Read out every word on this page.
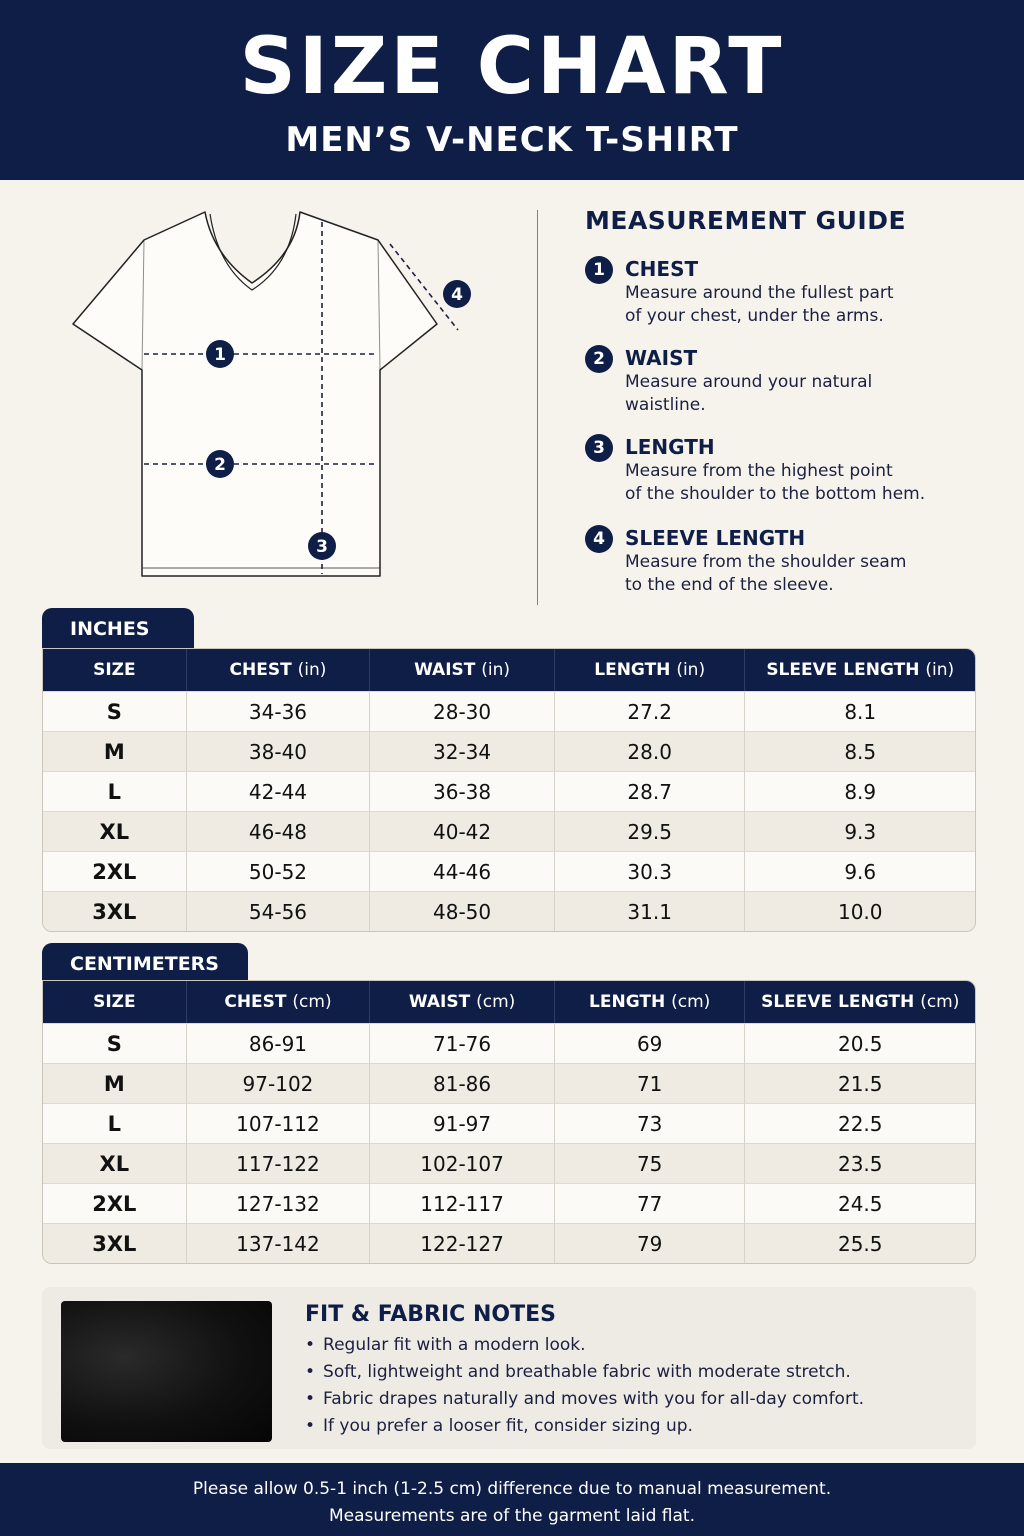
SIZE CHART
MEN’S V-NECK T-SHIRT
1
2
3
4
MEASUREMENT GUIDE
1	CHEST
Measure around the fullest part
of your chest, under the arms.
2	WAIST
Measure around your natural
waistline.
3	LENGTH
Measure from the highest point
of the shoulder to the bottom hem.
4	SLEEVE LENGTH
Measure from the shoulder seam
to the end of the sleeve.
INCHES
SIZE	CHEST (in)	WAIST (in)	LENGTH (in)	SLEEVE LENGTH (in)
S	34-36	28-30	27.2	8.1
M	38-40	32-34	28.0	8.5
L	42-44	36-38	28.7	8.9
XL	46-48	40-42	29.5	9.3
2XL	50-52	44-46	30.3	9.6
3XL	54-56	48-50	31.1	10.0
CENTIMETERS
SIZE	CHEST (cm)	WAIST (cm)	LENGTH (cm)	SLEEVE LENGTH (cm)
S	86-91	71-76	69	20.5
M	97-102	81-86	71	21.5
L	107-112	91-97	73	22.5
XL	117-122	102-107	75	23.5
2XL	127-132	112-117	77	24.5
3XL	137-142	122-127	79	25.5
FIT & FABRIC NOTES
• Regular fit with a modern look.
• Soft, lightweight and breathable fabric with moderate stretch.
• Fabric drapes naturally and moves with you for all-day comfort.
• If you prefer a looser fit, consider sizing up.
Please allow 0.5-1 inch (1-2.5 cm) difference due to manual measurement.
Measurements are of the garment laid flat.
